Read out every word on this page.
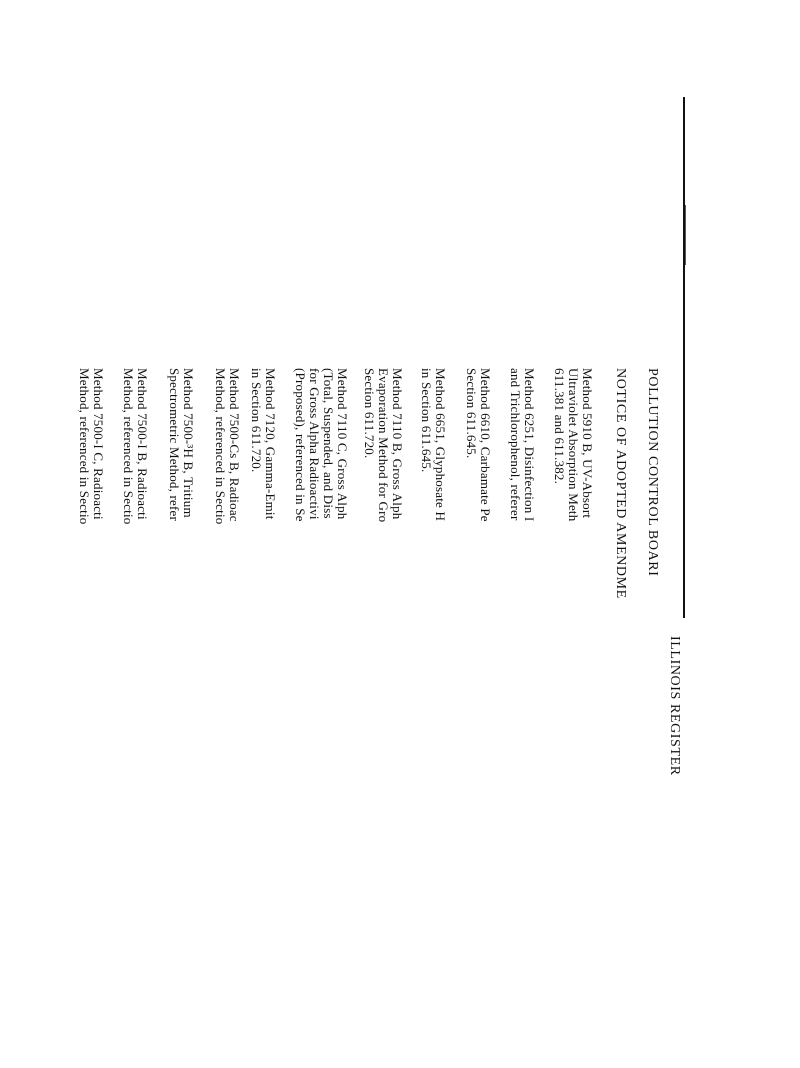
ILLINOIS REGISTER
POLLUTION CONTROL BOARI
NOTICE OF ADOPTED AMENDME
Method 5910 B, UV-Absort
Ultraviolet Absorption Meth
611.381 and 611.382.
Method 6251, Disinfection I
and Trichlorophenol, referer
Method 6610, Carbamate Pe
Section 611.645.
Method 6651, Glyphosate H
in Section 611.645.
Method 7110 B, Gross Alph
Evaporation Method for Gro
Section 611.720.
Method 7110 C, Gross Alph
(Total, Suspended, and Diss
for Gross Alpha Radioactivi
(Proposed), referenced in Se
Method 7120, Gamma-Emit
in Section 611.720.
Method 7500-Cs B, Radioac
Method, referenced in Sectio
Method 7500-³H B, Tritium
Spectrometric Method, refer
Method 7500-I B, Radioacti
Method, referenced in Sectio
Method 7500-I C, Radioacti
Method, referenced in Sectio
